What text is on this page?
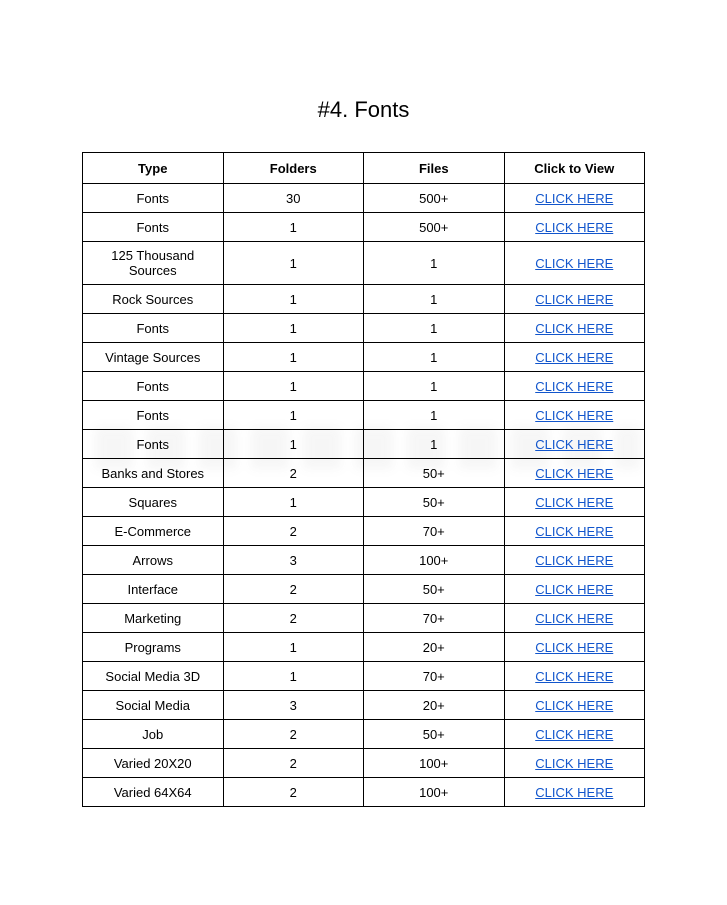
#4. Fonts
Type	Folders	Files	Click to View
Fonts	30	500+	CLICK HERE
Fonts	1	500+	CLICK HERE
125 Thousand Sources	1	1	CLICK HERE
Rock Sources	1	1	CLICK HERE
Fonts	1	1	CLICK HERE
Vintage Sources	1	1	CLICK HERE
Fonts	1	1	CLICK HERE
Fonts	1	1	CLICK HERE
Fonts	1	1	CLICK HERE
Banks and Stores	2	50+	CLICK HERE
Squares	1	50+	CLICK HERE
E-Commerce	2	70+	CLICK HERE
Arrows	3	100+	CLICK HERE
Interface	2	50+	CLICK HERE
Marketing	2	70+	CLICK HERE
Programs	1	20+	CLICK HERE
Social Media 3D	1	70+	CLICK HERE
Social Media	3	20+	CLICK HERE
Job	2	50+	CLICK HERE
Varied 20X20	2	100+	CLICK HERE
Varied 64X64	2	100+	CLICK HERE
